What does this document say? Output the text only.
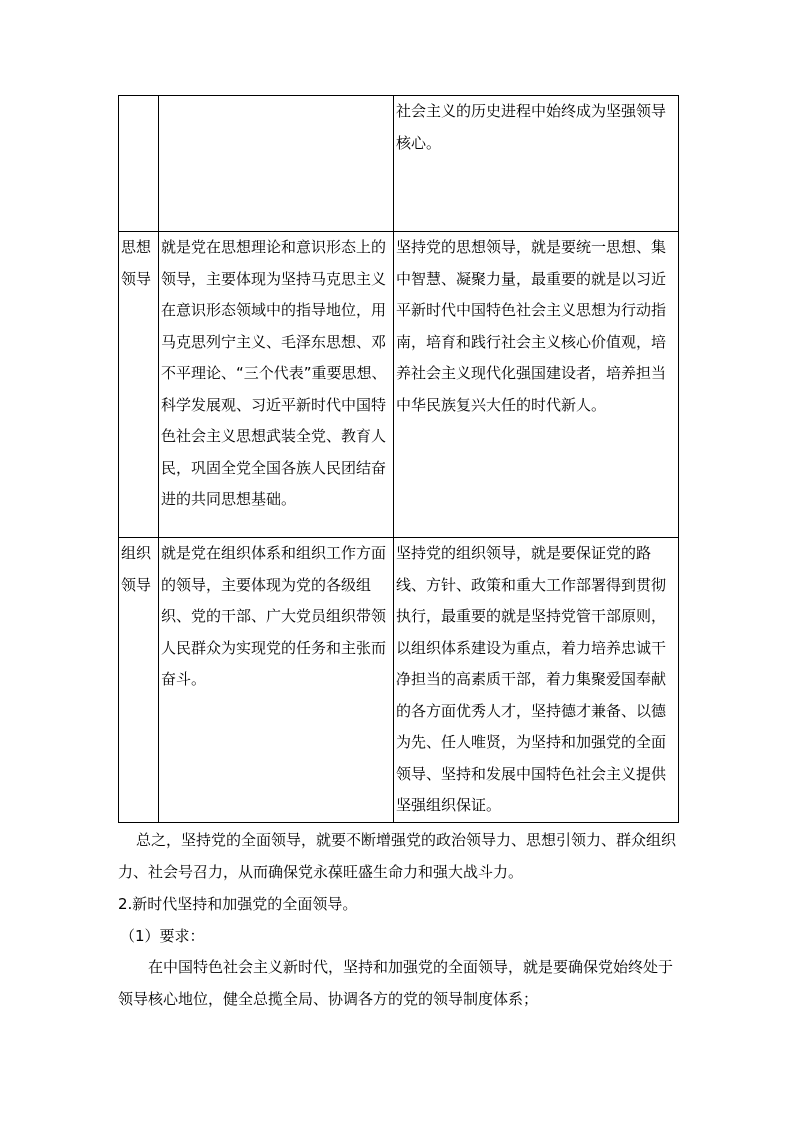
		社会主义的历史进程中始终成为坚强领导核心。
思想领导	就是党在思想理论和意识形态上的领导，主要体现为坚持马克思主义在意识形态领域中的指导地位，用马克思列宁主义、毛泽东思想、邓不平理论、“三个代表”重要思想、科学发展观、习近平新时代中国特色社会主义思想武装全党、教育人民，巩固全党全国各族人民团结奋进的共同思想基础。	坚持党的思想领导，就是要统一思想、集中智慧、凝聚力量，最重要的就是以习近平新时代中国特色社会主义思想为行动指南，培育和践行社会主义核心价值观，培养社会主义现代化强国建设者，培养担当中华民族复兴大任的时代新人。
组织领导	就是党在组织体系和组织工作方面的领导，主要体现为党的各级组织、党的干部、广大党员组织带领人民群众为实现党的任务和主张而奋斗。	坚持党的组织领导，就是要保证党的路线、方针、政策和重大工作部署得到贯彻执行，最重要的就是坚持党管干部原则，以组织体系建设为重点，着力培养忠诚干净担当的高素质干部，着力集聚爱国奉献的各方面优秀人才，坚持德才兼备、以德为先、任人唯贤，为坚持和加强党的全面领导、坚持和发展中国特色社会主义提供坚强组织保证。
总之，坚持党的全面领导，就要不断增强党的政治领导力、思想引领力、群众组织力、社会号召力，从而确保党永葆旺盛生命力和强大战斗力。
2.新时代坚持和加强党的全面领导。
（1）要求：
在中国特色社会主义新时代，坚持和加强党的全面领导，就是要确保党始终处于领导核心地位，健全总揽全局、协调各方的党的领导制度体系；
